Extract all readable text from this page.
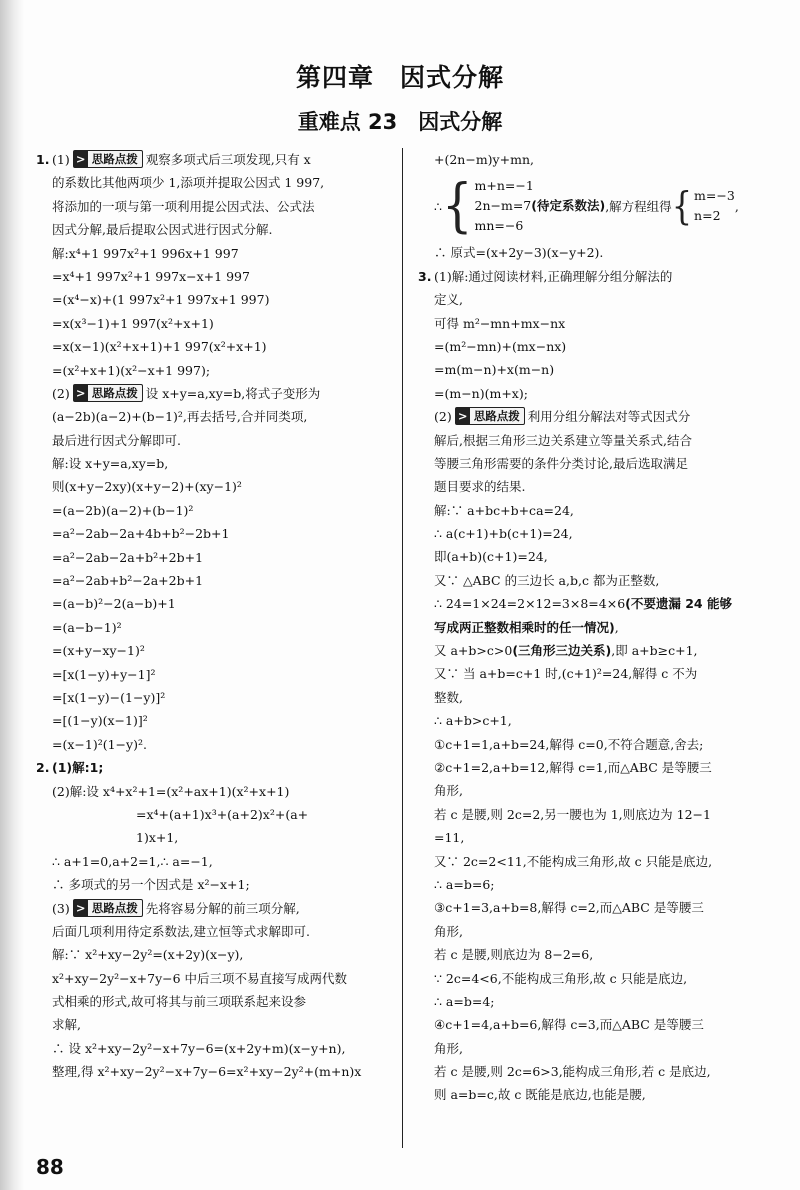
第四章　因式分解
重难点 23　因式分解
1. (1) > 思路点拨 观察多项式后三项发现,只有 x
的系数比其他两项少 1,添项并提取公因式 1 997,
将添加的一项与第一项利用提公因式法、公式法
因式分解,最后提取公因式进行因式分解.
解:x⁴+1 997x²+1 996x+1 997
=x⁴+1 997x²+1 997x−x+1 997
=(x⁴−x)+(1 997x²+1 997x+1 997)
=x(x³−1)+1 997(x²+x+1)
=x(x−1)(x²+x+1)+1 997(x²+x+1)
=(x²+x+1)(x²−x+1 997);
(2) > 思路点拨 设 x+y=a,xy=b,将式子变形为
(a−2b)(a−2)+(b−1)²,再去括号,合并同类项,
最后进行因式分解即可.
解:设 x+y=a,xy=b,
则(x+y−2xy)(x+y−2)+(xy−1)²
=(a−2b)(a−2)+(b−1)²
=a²−2ab−2a+4b+b²−2b+1
=a²−2ab−2a+b²+2b+1
=a²−2ab+b²−2a+2b+1
=(a−b)²−2(a−b)+1
=(a−b−1)²
=(x+y−xy−1)²
=[x(1−y)+y−1]²
=[x(1−y)−(1−y)]²
=[(1−y)(x−1)]²
=(x−1)²(1−y)².
2. (1)解:1;
(2)解:设 x⁴+x²+1=(x²+ax+1)(x²+x+1)
=x⁴+(a+1)x³+(a+2)x²+(a+
1)x+1,
∴ a+1=0,a+2=1,∴ a=−1,
∴ 多项式的另一个因式是 x²−x+1;
(3) > 思路点拨 先将容易分解的前三项分解,
后面几项利用待定系数法,建立恒等式求解即可.
解:∵ x²+xy−2y²=(x+2y)(x−y),
x²+xy−2y²−x+7y−6 中后三项不易直接写成两代数
式相乘的形式,故可将其与前三项联系起来设参
求解,
∴ 设 x²+xy−2y²−x+7y−6=(x+2y+m)(x−y+n),
整理,得 x²+xy−2y²−x+7y−6=x²+xy−2y²+(m+n)x
+(2n−m)y+mn,
∴ { m+n=−1
2n−m=7(待定系数法)
mn=−6
,解方程组得 { m=−3
n=2
,
∴ 原式=(x+2y−3)(x−y+2).
3. (1)解:通过阅读材料,正确理解分组分解法的
定义,
可得 m²−mn+mx−nx
=(m²−mn)+(mx−nx)
=m(m−n)+x(m−n)
=(m−n)(m+x);
(2) > 思路点拨 利用分组分解法对等式因式分
解后,根据三角形三边关系建立等量关系式,结合
等腰三角形需要的条件分类讨论,最后选取满足
题目要求的结果.
解:∵ a+bc+b+ca=24,
∴ a(c+1)+b(c+1)=24,
即(a+b)(c+1)=24,
又∵ △ABC 的三边长 a,b,c 都为正整数,
∴ 24=1×24=2×12=3×8=4×6(不要遗漏 24 能够
写成两正整数相乘时的任一情况),
又 a+b>c>0(三角形三边关系),即 a+b≥c+1,
又∵ 当 a+b=c+1 时,(c+1)²=24,解得 c 不为
整数,
∴ a+b>c+1,
①c+1=1,a+b=24,解得 c=0,不符合题意,舍去;
②c+1=2,a+b=12,解得 c=1,而△ABC 是等腰三
角形,
若 c 是腰,则 2c=2,另一腰也为 1,则底边为 12−1
=11,
又∵ 2c=2<11,不能构成三角形,故 c 只能是底边,
∴ a=b=6;
③c+1=3,a+b=8,解得 c=2,而△ABC 是等腰三
角形,
若 c 是腰,则底边为 8−2=6,
∵ 2c=4<6,不能构成三角形,故 c 只能是底边,
∴ a=b=4;
④c+1=4,a+b=6,解得 c=3,而△ABC 是等腰三
角形,
若 c 是腰,则 2c=6>3,能构成三角形,若 c 是底边,
则 a=b=c,故 c 既能是底边,也能是腰,
88
